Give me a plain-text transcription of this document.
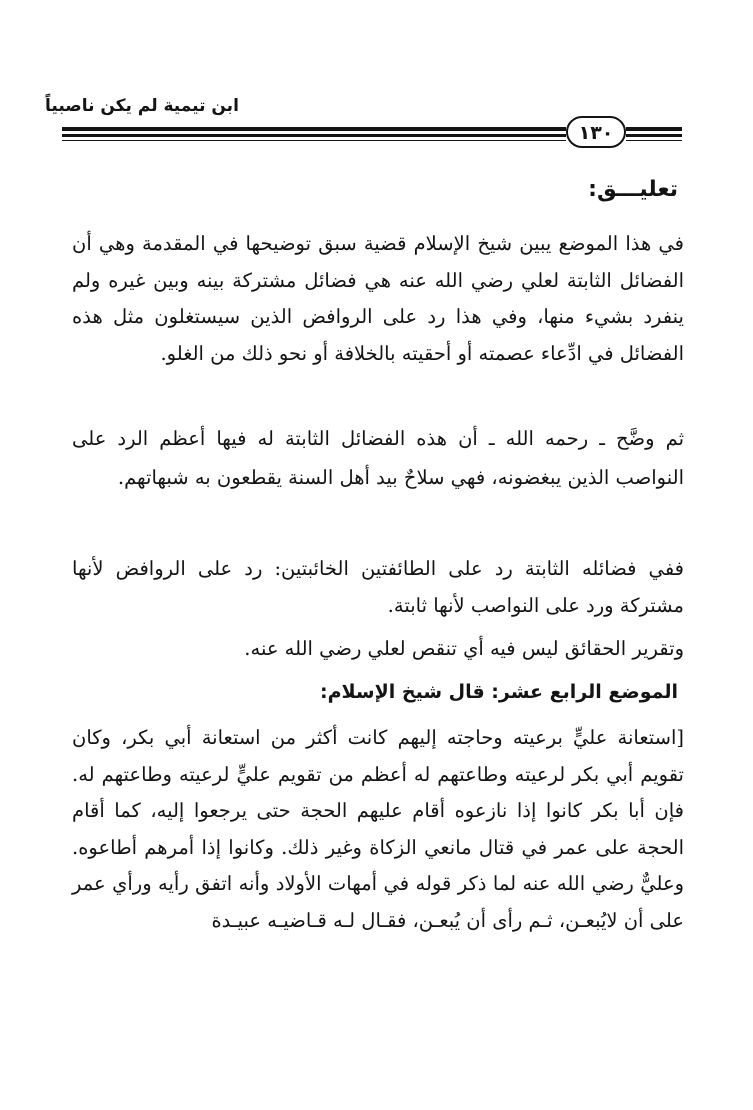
ابن تيمية لم يكن ناصبياً
١٣٠
تعليـــق:
في هذا الموضع يبين شيخ الإسلام قضية سبق توضيحها في المقدمة وهي أن الفضائل الثابتة لعلي رضي الله عنه هي فضائل مشتركة بينه وبين غيره ولم ينفرد بشيء منها، وفي هذا رد على الروافض الذين سيستغلون مثل هذه الفضائل في ادِّعاء عصمته أو أحقيته بالخلافة أو نحو ذلك من الغلو.
ثم وضَّح ـ رحمه الله ـ أن هذه الفضائل الثابتة له فيها أعظم الرد على النواصب الذين يبغضونه، فهي سلاحٌ بيد أهل السنة يقطعون به شبهاتهم.
ففي فضائله الثابتة رد على الطائفتين الخائبتين: رد على الروافض لأنها مشتركة ورد على النواصب لأنها ثابتة.
وتقرير الحقائق ليس فيه أي تنقص لعلي رضي الله عنه.
الموضع الرابع عشر: قال شيخ الإسلام:
[استعانة عليٍّ برعيته وحاجته إليهم كانت أكثر من استعانة أبي بكر، وكان تقويم أبي بكر لرعيته وطاعتهم له أعظم من تقويم عليٍّ لرعيته وطاعتهم له. فإن أبا بكر كانوا إذا نازعوه أقام عليهم الحجة حتى يرجعوا إليه، كما أقام الحجة على عمر في قتال مانعي الزكاة وغير ذلك. وكانوا إذا أمرهم أطاعوه. وعليٌّ رضي الله عنه لما ذكر قوله في أمهات الأولاد وأنه اتفق رأيه ورأي عمر على أن لايُبعـن، ثـم رأى أن يُبعـن، فقـال لـه قـاضيـه عبيـدة
